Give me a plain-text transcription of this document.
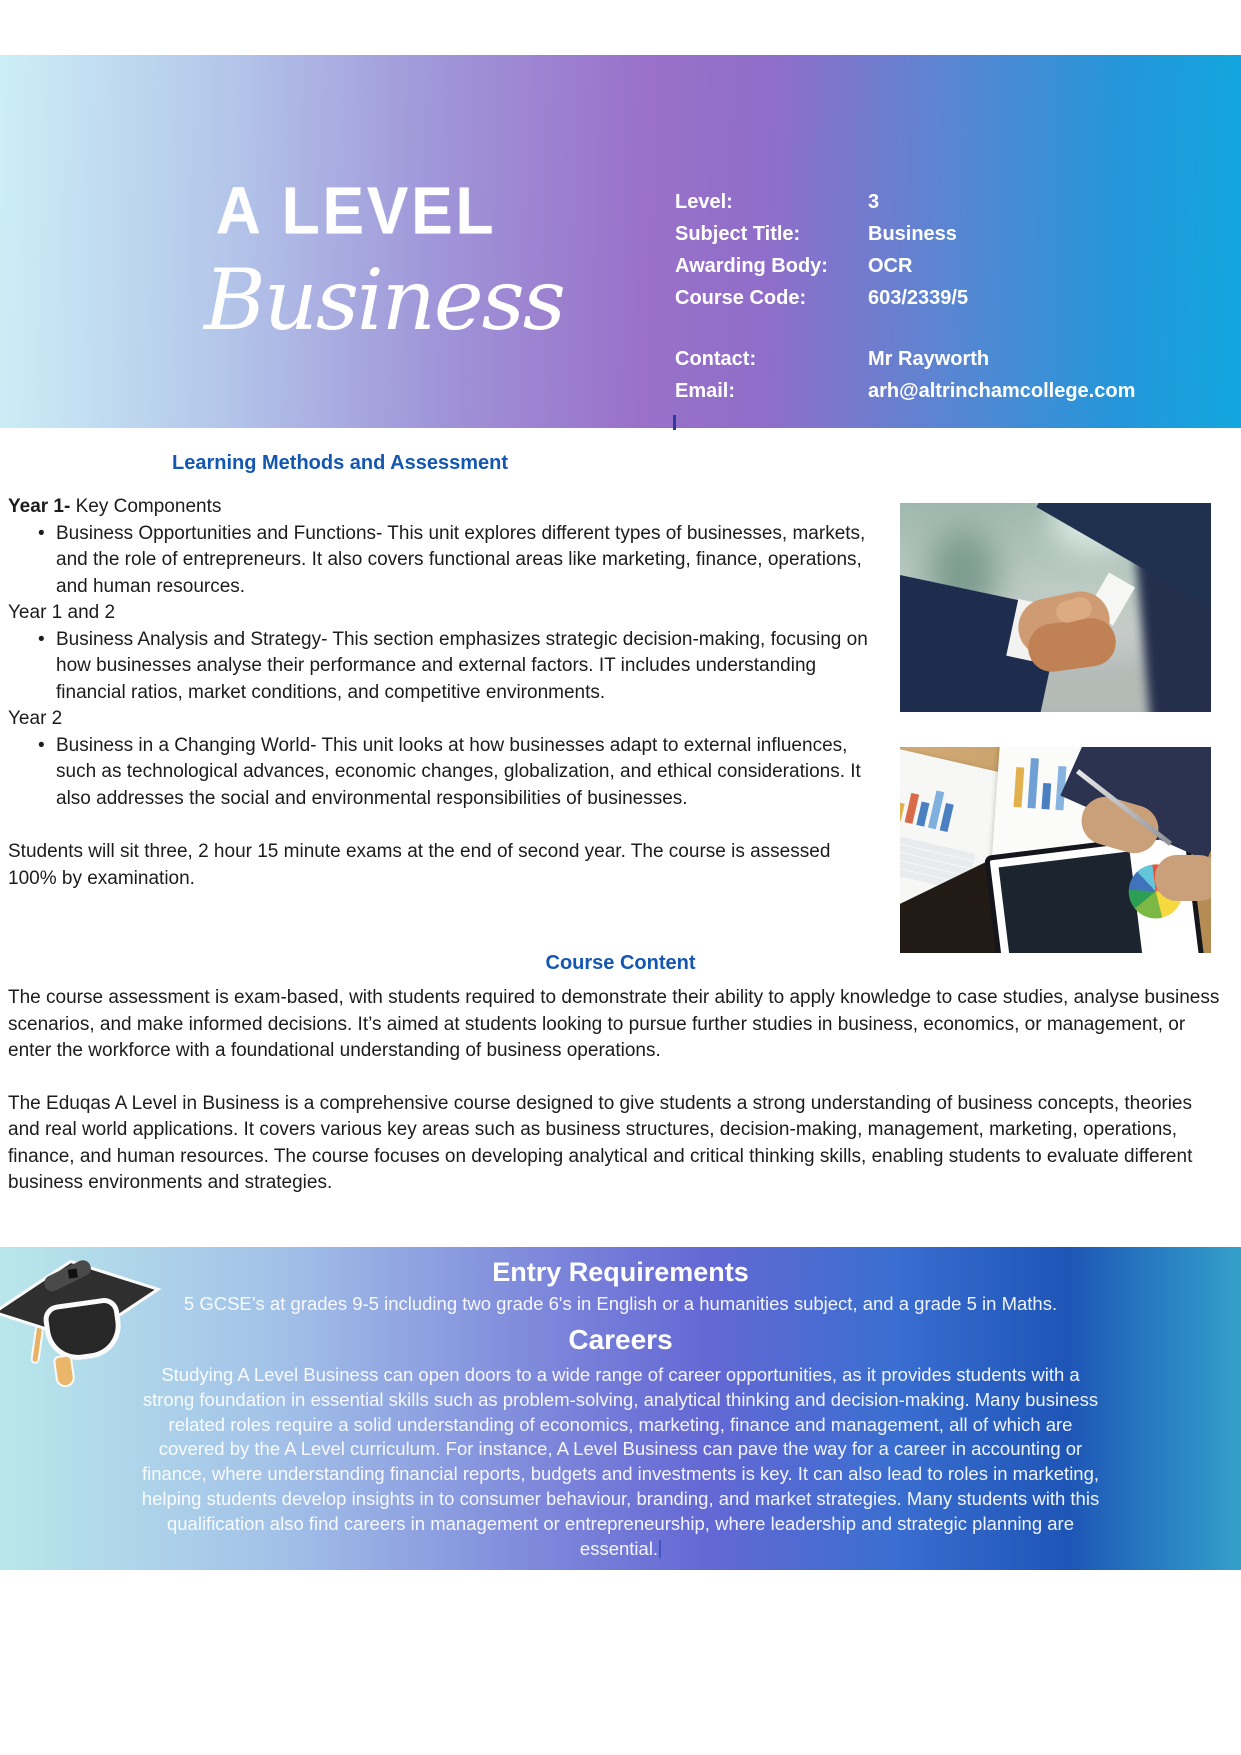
A LEVEL
Business
Level:	3
Subject Title:	Business
Awarding Body:	OCR
Course Code:	603/2339/5
Contact:	Mr Rayworth
Email:	arh@altrinchamcollege.com
Learning Methods and Assessment

Year 1- Key Components

• Business Opportunities and Functions- This unit explores different types of businesses, markets, and the role of entrepreneurs. It also covers functional areas like marketing, finance, operations, and human resources.

Year 1 and 2

• Business Analysis and Strategy- This section emphasizes strategic decision-making, focusing on how businesses analyse their performance and external factors. IT includes understanding financial ratios, market conditions, and competitive environments.

Year 2

• Business in a Changing World- This unit looks at how businesses adapt to external influences, such as technological advances, economic changes, globalization, and ethical considerations. It also addresses the social and environmental responsibilities of businesses.

Students will sit three, 2 hour 15 minute exams at the end of second year. The course is assessed 100% by examination.

Course Content

The course assessment is exam-based, with students required to demonstrate their ability to apply knowledge to case studies, analyse business scenarios, and make informed decisions. It’s aimed at students looking to pursue further studies in business, economics, or management, or enter the workforce with a foundational understanding of business operations.

The Eduqas A Level in Business is a comprehensive course designed to give students a strong understanding of business concepts, theories and real world applications. It covers various key areas such as business structures, decision-making, management, marketing, operations, finance, and human resources. The course focuses on developing analytical and critical thinking skills, enabling students to evaluate different business environments and strategies.

Entry Requirements

5 GCSE’s at grades 9-5 including two grade 6's in English or a humanities subject, and a grade 5 in Maths.

Careers

Studying A Level Business can open doors to a wide range of career opportunities, as it provides students with a strong foundation in essential skills such as problem-solving, analytical thinking and decision-making. Many business related roles require a solid understanding of economics, marketing, finance and management, all of which are covered by the A Level curriculum. For instance, A Level Business can pave the way for a career in accounting or finance, where understanding financial reports, budgets and investments is key. It can also lead to roles in marketing, helping students develop insights in to consumer behaviour, branding, and market strategies. Many students with this qualification also find careers in management or entrepreneurship, where leadership and strategic planning are essential.
